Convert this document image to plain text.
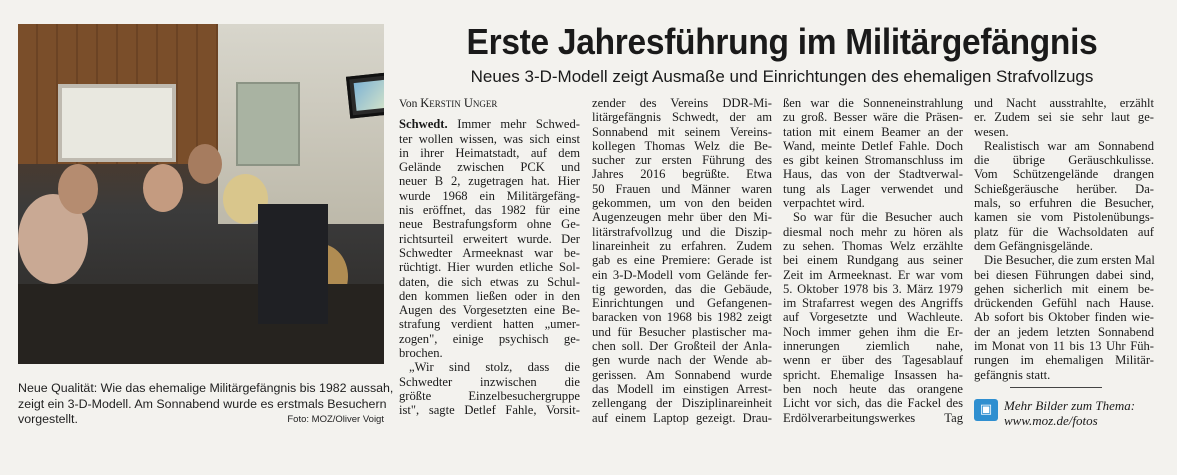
Neue Qualität: Wie das ehemalige Militärgefängnis bis 1982 aussah,
zeigt ein 3-D-Modell. Am Sonnabend wurde es erstmals Besuchern
vorgestellt.	Foto: MOZ/Oliver Voigt
Erste Jahresführung im Militärgefängnis
Neues 3-D-Modell zeigt Ausmaße und Einrichtungen des ehemaligen Strafvollzugs
Von Kerstin Unger
Schwedt. Immer mehr Schwed-
ter wollen wissen, was sich einst
in ihrer Heimatstadt, auf dem
Gelände zwischen PCK und
neuer B 2, zugetragen hat. Hier
wurde 1968 ein Militärgefäng-
nis eröffnet, das 1982 für eine
neue Bestrafungsform ohne Ge-
richtsurteil erweitert wurde. Der
Schwedter Armeeknast war be-
rüchtigt. Hier wurden etliche Sol-
daten, die sich etwas zu Schul-
den kommen ließen oder in den
Augen des Vorgesetzten eine Be-
strafung verdient hatten „umer-
zogen", einige psychisch ge-
brochen.
„Wir sind stolz, dass die
Schwedter inzwischen die
größte Einzelbesuchergruppe
ist", sagte Detlef Fahle, Vorsit-
zender des Vereins DDR-Mi-
litärgefängnis Schwedt, der am
Sonnabend mit seinem Vereins-
kollegen Thomas Welz die Be-
sucher zur ersten Führung des
Jahres 2016 begrüßte. Etwa
50 Frauen und Männer waren
gekommen, um von den beiden
Augenzeugen mehr über den Mi-
litärstrafvollzug und die Diszip-
linareinheit zu erfahren. Zudem
gab es eine Premiere: Gerade ist
ein 3-D-Modell vom Gelände fer-
tig geworden, das die Gebäude,
Einrichtungen und Gefangenen-
baracken von 1968 bis 1982 zeigt
und für Besucher plastischer ma-
chen soll. Der Großteil der Anla-
gen wurde nach der Wende ab-
gerissen. Am Sonnabend wurde
das Modell im einstigen Arrest-
zellengang der Disziplinareinheit
auf einem Laptop gezeigt. Drau-
ßen war die Sonneneinstrahlung
zu groß. Besser wäre die Präsen-
tation mit einem Beamer an der
Wand, meinte Detlef Fahle. Doch
es gibt keinen Stromanschluss im
Haus, das von der Stadtverwal-
tung als Lager verwendet und
verpachtet wird.
So war für die Besucher auch
diesmal noch mehr zu hören als
zu sehen. Thomas Welz erzählte
bei einem Rundgang aus seiner
Zeit im Armeeknast. Er war vom
5. Oktober 1978 bis 3. März 1979
im Strafarrest wegen des Angriffs
auf Vorgesetzte und Wachleute.
Noch immer gehen ihm die Er-
innerungen ziemlich nahe,
wenn er über des Tagesablauf
spricht. Ehemalige Insassen ha-
ben noch heute das orangene
Licht vor sich, das die Fackel des
Erdölverarbeitungswerkes Tag
und Nacht ausstrahlte, erzählt
er. Zudem sei sie sehr laut ge-
wesen.
Realistisch war am Sonnabend
die übrige Geräuschkulisse.
Vom Schützengelände drangen
Schießgeräusche herüber. Da-
mals, so erfuhren die Besucher,
kamen sie vom Pistolenübungs-
platz für die Wachsoldaten auf
dem Gefängnisgelände.
Die Besucher, die zum ersten Mal
bei diesen Führungen dabei sind,
gehen sicherlich mit einem be-
drückenden Gefühl nach Hause.
Ab sofort bis Oktober finden wie-
der an jedem letzten Sonnabend
im Monat von 11 bis 13 Uhr Füh-
rungen im ehemaligen Militär-
gefängnis statt.
▣ Mehr Bilder zum Thema:
www.moz.de/fotos
